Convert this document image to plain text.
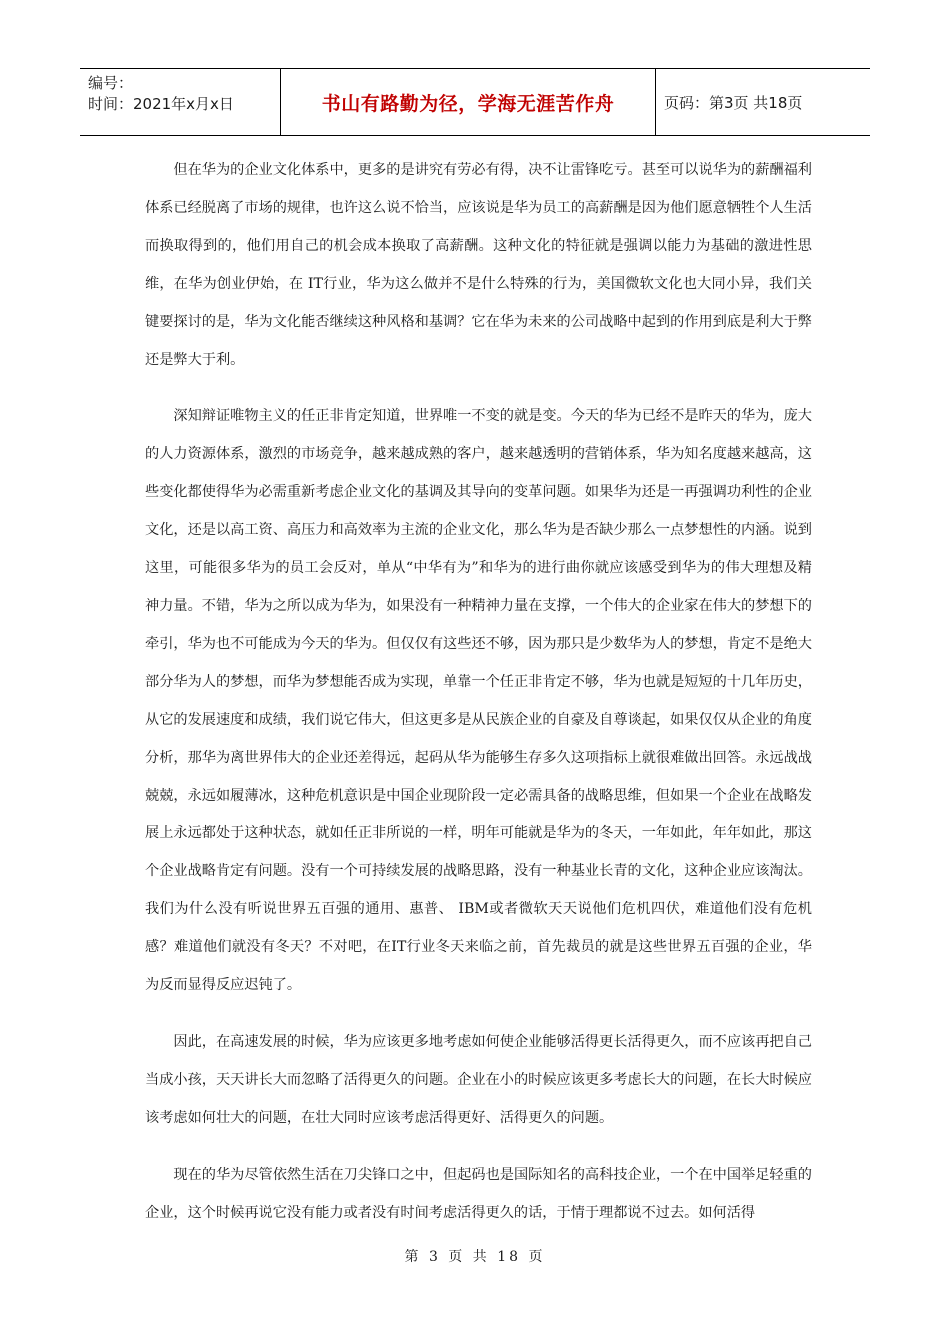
编号：
时间：2021年x月x日	书山有路勤为径，学海无涯苦作舟	页码：第3页 共18页

但在华为的企业文化体系中，更多的是讲究有劳必有得，决不让雷锋吃亏。甚至可以说华为的薪酬福利体系已经脱离了市场的规律，也许这么说不恰当，应该说是华为员工的高薪酬是因为他们愿意牺牲个人生活而换取得到的，他们用自己的机会成本换取了高薪酬。这种文化的特征就是强调以能力为基础的激进性思维，在华为创业伊始，在 IT行业，华为这么做并不是什么特殊的行为，美国微软文化也大同小异，我们关键要探讨的是，华为文化能否继续这种风格和基调？它在华为未来的公司战略中起到的作用到底是利大于弊还是弊大于利。

深知辩证唯物主义的任正非肯定知道，世界唯一不变的就是变。今天的华为已经不是昨天的华为，庞大的人力资源体系，激烈的市场竞争，越来越成熟的客户，越来越透明的营销体系，华为知名度越来越高，这些变化都使得华为必需重新考虑企业文化的基调及其导向的变革问题。如果华为还是一再强调功利性的企业文化，还是以高工资、高压力和高效率为主流的企业文化，那么华为是否缺少那么一点梦想性的内涵。说到这里，可能很多华为的员工会反对，单从“中华有为”和华为的进行曲你就应该感受到华为的伟大理想及精神力量。不错，华为之所以成为华为，如果没有一种精神力量在支撑，一个伟大的企业家在伟大的梦想下的牵引，华为也不可能成为今天的华为。但仅仅有这些还不够，因为那只是少数华为人的梦想，肯定不是绝大部分华为人的梦想，而华为梦想能否成为实现，单靠一个任正非肯定不够，华为也就是短短的十几年历史，从它的发展速度和成绩，我们说它伟大，但这更多是从民族企业的自豪及自尊谈起，如果仅仅从企业的角度分析，那华为离世界伟大的企业还差得远，起码从华为能够生存多久这项指标上就很难做出回答。永远战战兢兢，永远如履薄冰，这种危机意识是中国企业现阶段一定必需具备的战略思维，但如果一个企业在战略发展上永远都处于这种状态，就如任正非所说的一样，明年可能就是华为的冬天，一年如此，年年如此，那这个企业战略肯定有问题。没有一个可持续发展的战略思路，没有一种基业长青的文化，这种企业应该淘汰。我们为什么没有听说世界五百强的通用、惠普、 IBM或者微软天天说他们危机四伏，难道他们没有危机感？难道他们就没有冬天？不对吧，在IT行业冬天来临之前，首先裁员的就是这些世界五百强的企业，华为反而显得反应迟钝了。

因此，在高速发展的时候，华为应该更多地考虑如何使企业能够活得更长活得更久，而不应该再把自己当成小孩，天天讲长大而忽略了活得更久的问题。企业在小的时候应该更多考虑长大的问题，在长大时候应该考虑如何壮大的问题，在壮大同时应该考虑活得更好、活得更久的问题。

现在的华为尽管依然生活在刀尖锋口之中，但起码也是国际知名的高科技企业，一个在中国举足轻重的企业，这个时候再说它没有能力或者没有时间考虑活得更久的话，于情于理都说不过去。如何活得

第 3 页 共 18 页
